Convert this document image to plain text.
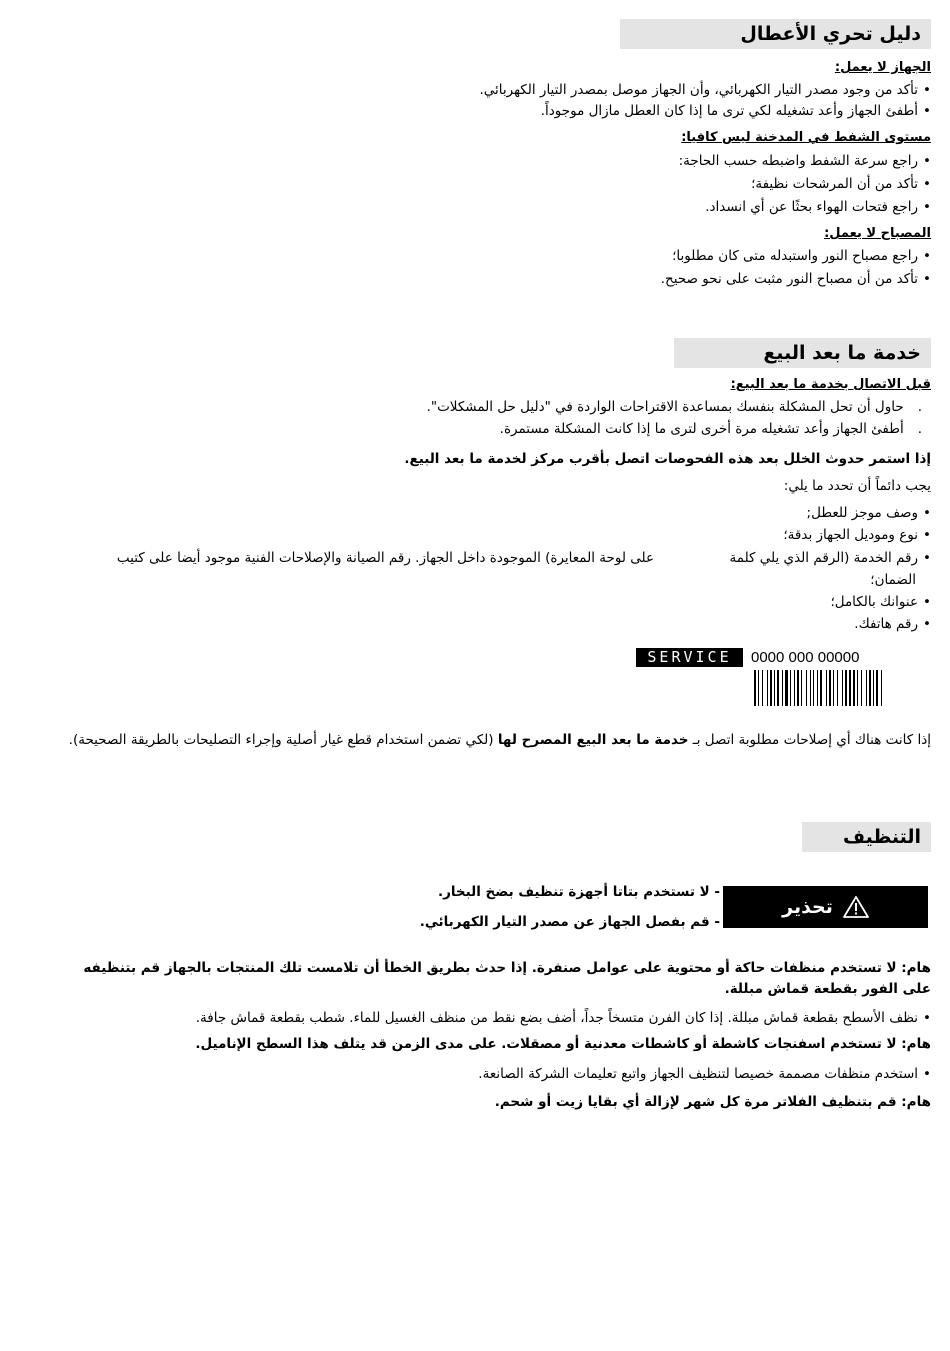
دليل تحري الأعطال
الجهاز لا يعمل:
•تأكد من وجود مصدر التيار الكهربائي، وأن الجهاز موصل بمصدر التيار الكهربائي.
•أطفئ الجهاز وأعد تشغيله لكي ترى ما إذا كان العطل مازال موجوداً.
مستوى الشفط في المدخنة ليس كافيا:
•راجع سرعة الشفط واضبطه حسب الحاجة:
•تأكد من أن المرشحات نظيفة؛
•راجع فتحات الهواء بحثًا عن أي انسداد.
المصباح لا يعمل:
•راجع مصباح النور واستبدله متى كان مطلوبا؛
•تأكد من أن مصباح النور مثبت على نحو صحيح.
خدمة ما بعد البيع
قبل الاتصال بخدمة ما بعد البيع:
.حاول أن تحل المشكلة بنفسك بمساعدة الاقتراحات الواردة في "دليل حل المشكلات".
.أطفئ الجهاز وأعد تشغيله مرة أخرى لترى ما إذا كانت المشكلة مستمرة.
إذا استمر حدوث الخلل بعد هذه الفحوصات اتصل بأقرب مركز لخدمة ما بعد البيع.
يجب دائماً أن تحدد ما يلي:
•وصف موجز للعطل;
•نوع وموديل الجهاز بدقة؛
•رقم الخدمة (الرقم الذي يلي كلمة
على لوحة المعايرة) الموجودة داخل الجهاز. رقم الصيانة والإصلاحات الفنية موجود أيضا على كتيب
الضمان؛
•عنوانك بالكامل؛
•رقم هاتفك.
SERVICE	0000 000 00000
إذا كانت هناك أي إصلاحات مطلوبة اتصل بـ خدمة ما بعد البيع المصرح لها (لكي تضمن استخدام قطع غيار أصلية وإجراء التصليحات بالطريقة الصحيحة).
التنظيف
- لا تستخدم بتاتا أجهزة تنظيف بضخ البخار.
- قم بفصل الجهاز عن مصدر التيار الكهربائي.
تحذير
هام: لا تستخدم منظفات حاكة أو محتوية على عوامل صنفرة. إذا حدث بطريق الخطأ أن تلامست تلك المنتجات بالجهاز قم بتنظيفه على الفور بقطعة قماش مبللة.
•نظف الأسطح بقطعة قماش مبللة. إذا كان الفرن متسخاً جداً، أضف بضع نقط من منظف الغسيل للماء. شطب بقطعة قماش جافة.
هام: لا تستخدم اسفنجات كاشطة أو كاشطات معدنية أو مصقلات. على مدى الزمن قد يتلف هذا السطح الإناميل.
•استخدم منظفات مصممة خصيصا لتنظيف الجهاز واتبع تعليمات الشركة الصانعة.
هام: قم بتنظيف الفلاتر مرة كل شهر لإزالة أي بقايا زيت أو شحم.
